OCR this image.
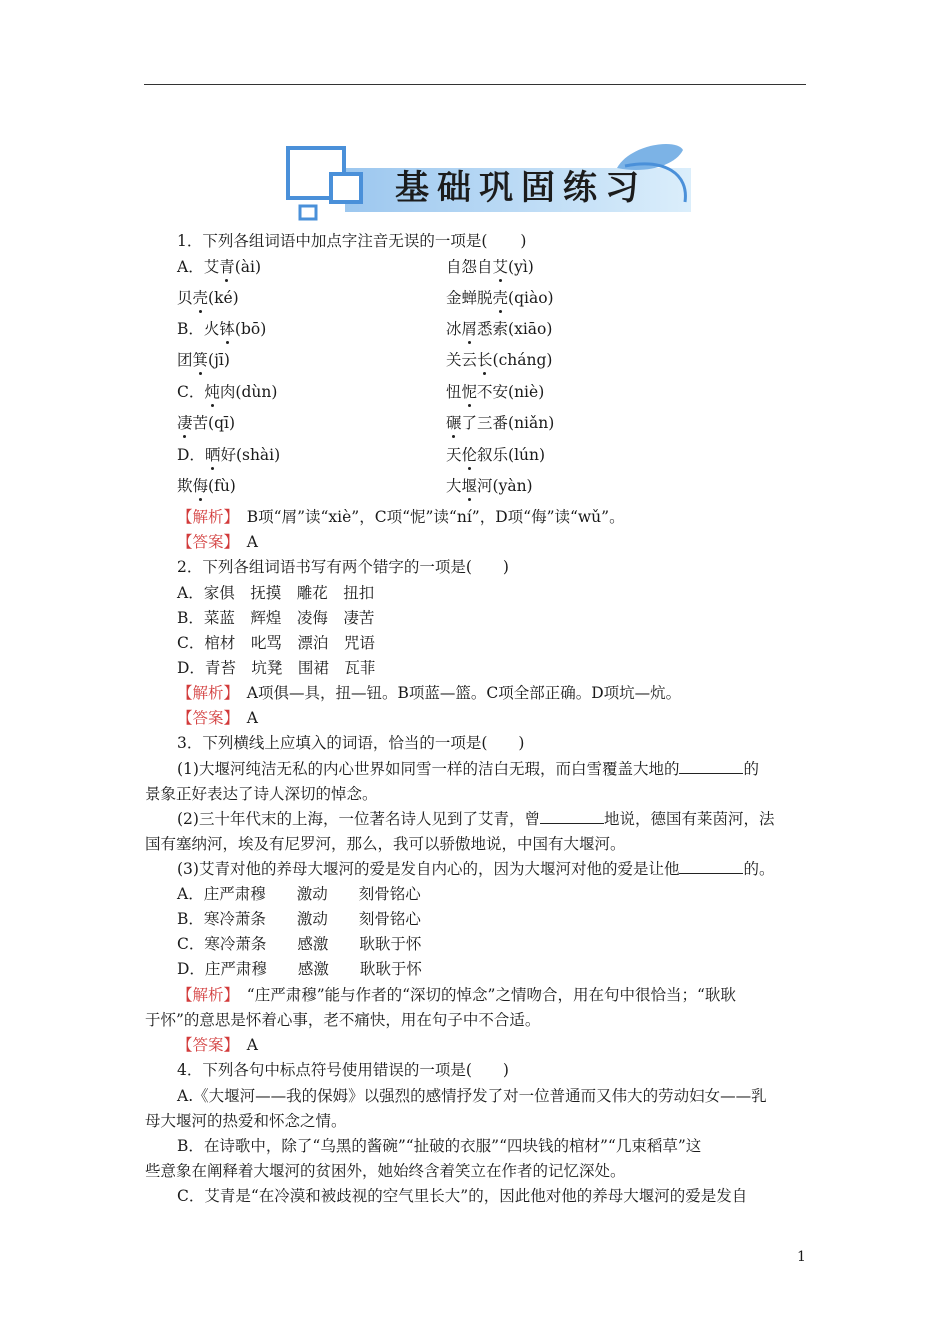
基础巩固练习
1．下列各组词语中加点字注音无误的一项是( )
A．艾青(ài)	自怨自艾(yì)
贝壳(ké)	金蝉脱壳(qiào)
B．火钵(bō)	冰屑悉索(xiāo)
团箕(jī)	关云长(cháng)
C．炖肉(dùn)	忸怩不安(niè)
凄苦(qī)	碾了三番(niǎn)
D．晒好(shài)	天伦叙乐(lún)
欺侮(fù)	大堰河(yàn)
【解析】　B项“屑”读“xiè”，C项“怩”读“ní”，D项“侮”读“wǔ”。
【答案】　A
2．下列各组词语书写有两个错字的一项是(　　)
A．家俱　抚摸　雕花　扭扣
B．菜蓝　辉煌　凌侮　凄苦
C．棺材　叱骂　漂泊　咒语
D．青苔　坑凳　围裙　瓦菲
【解析】　A项俱—具，扭—钮。B项蓝—篮。C项全部正确。D项坑—炕。
【答案】　A
3．下列横线上应填入的词语，恰当的一项是(　　)
(1)大堰河纯洁无私的内心世界如同雪一样的洁白无瑕，而白雪覆盖大地的	的
景象正好表达了诗人深切的悼念。
(2)三十年代末的上海，一位著名诗人见到了艾青，曾	地说，德国有莱茵河，法
国有塞纳河，埃及有尼罗河，那么，我可以骄傲地说，中国有大堰河。
(3)艾青对他的养母大堰河的爱是发自内心的，因为大堰河对他的爱是让他	的。
A．庄严肃穆　　激动　　刻骨铭心
B．寒冷萧条　　激动　　刻骨铭心
C．寒冷萧条　　感激　　耿耿于怀
D．庄严肃穆　　感激　　耿耿于怀
【解析】　“庄严肃穆”能与作者的“深切的悼念”之情吻合，用在句中很恰当；“耿耿
于怀”的意思是怀着心事，老不痛快，用在句子中不合适。
【答案】　A
4．下列各句中标点符号使用错误的一项是(　　)
A.《大堰河——我的保姆》以强烈的感情抒发了对一位普通而又伟大的劳动妇女——乳
母大堰河的热爱和怀念之情。
B．在诗歌中，除了“乌黑的酱碗”“扯破的衣服”“四块钱的棺材”“几束稻草”这
些意象在阐释着大堰河的贫困外，她始终含着笑立在作者的记忆深处。
C．艾青是“在冷漠和被歧视的空气里长大”的，因此他对他的养母大堰河的爱是发自
1
